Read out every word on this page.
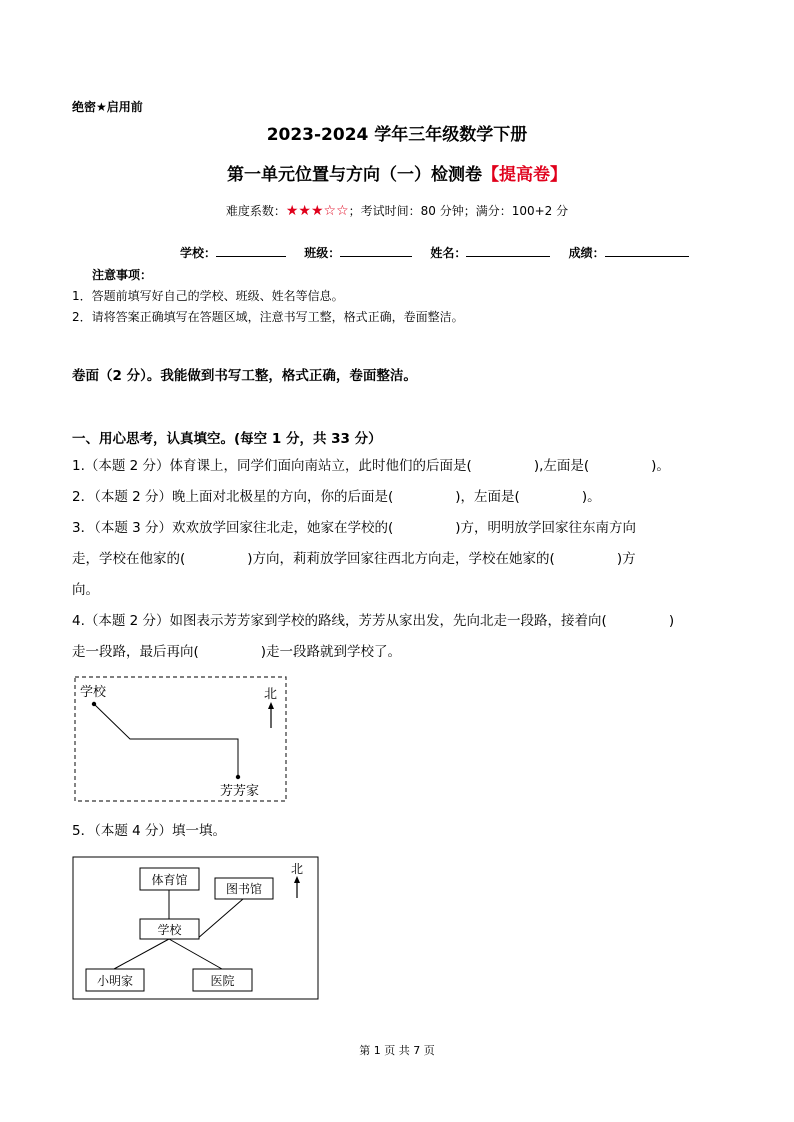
绝密★启用前
2023-2024 学年三年级数学下册
第一单元位置与方向（一）检测卷【提高卷】
难度系数：★★★☆☆；考试时间：80 分钟；满分：100+2 分
学校：	班级：	姓名：	成绩：
注意事项：
1．答题前填写好自己的学校、班级、姓名等信息。
2．请将答案正确填写在答题区域，注意书写工整，格式正确，卷面整洁。
卷面（2 分）。我能做到书写工整，格式正确，卷面整洁。
一、用心思考，认真填空。(每空 1 分，共 33 分）

1.（本题 2 分）体育课上，同学们面向南站立，此时他们的后面是(	),左面是(	)。

2．（本题 2 分）晚上面对北极星的方向，你的后面是(	)，左面是(	)。

3．（本题 3 分）欢欢放学回家往北走，她家在学校的(	)方，明明放学回家往东南方向

走，学校在他家的(	)方向，莉莉放学回家往西北方向走，学校在她家的(	)方

向。

4.（本题 2 分）如图表示芳芳家到学校的路线，芳芳从家出发，先向北走一段路，接着向(	)

走一段路，最后再向(	)走一段路就到学校了。

学校
芳芳家
北
5．（本题 4 分）填一填。
体育馆
图书馆
学校
小明家	医院
北
第 1 页 共 7 页
